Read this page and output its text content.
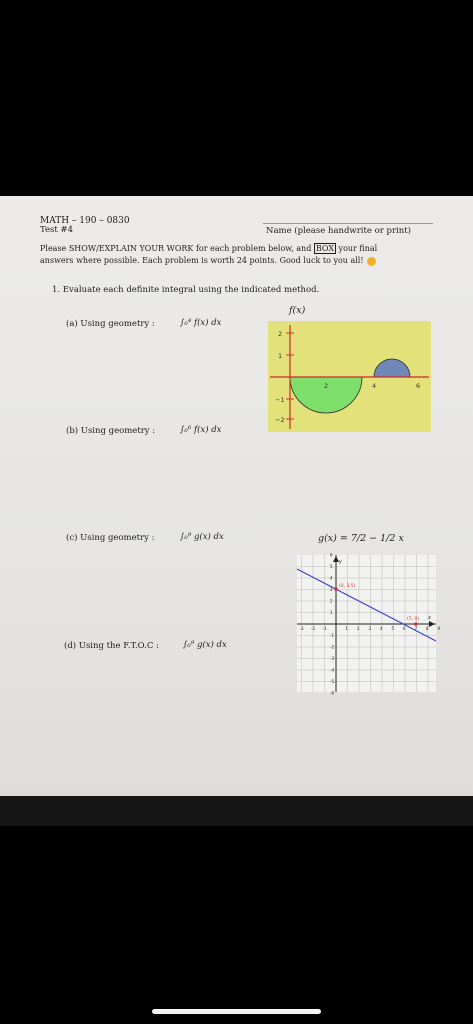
MATH – 190 – 0830
Test #4	Name (please handwrite or print)
Please SHOW/EXPLAIN YOUR WORK for each problem below, and BOX your final
answers where possible. Each problem is worth 24 points. Good luck to you all!
1. Evaluate each definite integral using the indicated method.
(a) Using geometry :	∫₀⁴ f(x) dx
(b) Using geometry :	∫₀⁶ f(x) dx
(c) Using geometry :	∫₀⁹ g(x) dx
(d) Using the F.T.O.C :	∫₀⁹ g(x) dx
f(x)
2
1
−1
−2
2	4	6
g(x) = 7/2 − 1/2 x
y
x
-3 -2 -1	1 2 3 4 5 6 7 8 9
6
5
4
3
2
1
-1
-2
-3
-4
-5
-6
(0, 3.5)
(7, 0)
